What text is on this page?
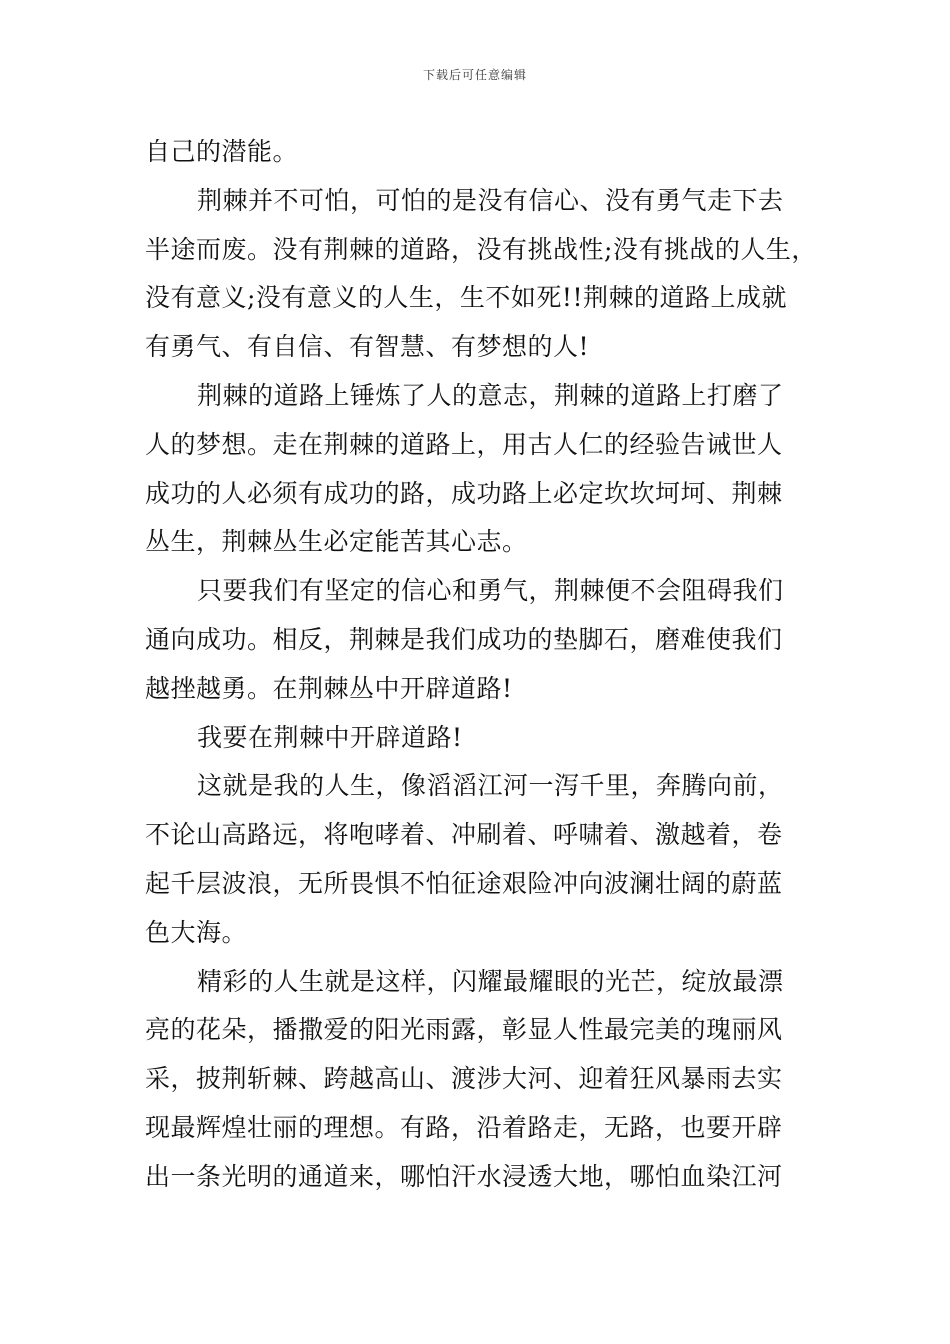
下载后可任意编辑
自己的潜能。
荆棘并不可怕，可怕的是没有信心、没有勇气走下去
半途而废。没有荆棘的道路，没有挑战性;没有挑战的人生，
没有意义;没有意义的人生，生不如死!!荆棘的道路上成就
有勇气、有自信、有智慧、有梦想的人!
荆棘的道路上锤炼了人的意志，荆棘的道路上打磨了
人的梦想。走在荆棘的道路上，用古人仁的经验告诫世人
成功的人必须有成功的路，成功路上必定坎坎坷坷、荆棘
丛生，荆棘丛生必定能苦其心志。
只要我们有坚定的信心和勇气，荆棘便不会阻碍我们
通向成功。相反，荆棘是我们成功的垫脚石，磨难使我们
越挫越勇。在荆棘丛中开辟道路!
我要在荆棘中开辟道路!
这就是我的人生，像滔滔江河一泻千里，奔腾向前，
不论山高路远，将咆哮着、冲刷着、呼啸着、激越着，卷
起千层波浪，无所畏惧不怕征途艰险冲向波澜壮阔的蔚蓝
色大海。
精彩的人生就是这样，闪耀最耀眼的光芒，绽放最漂
亮的花朵，播撒爱的阳光雨露，彰显人性最完美的瑰丽风
采，披荆斩棘、跨越高山、渡涉大河、迎着狂风暴雨去实
现最辉煌壮丽的理想。有路，沿着路走，无路，也要开辟
出一条光明的通道来，哪怕汗水浸透大地，哪怕血染江河
